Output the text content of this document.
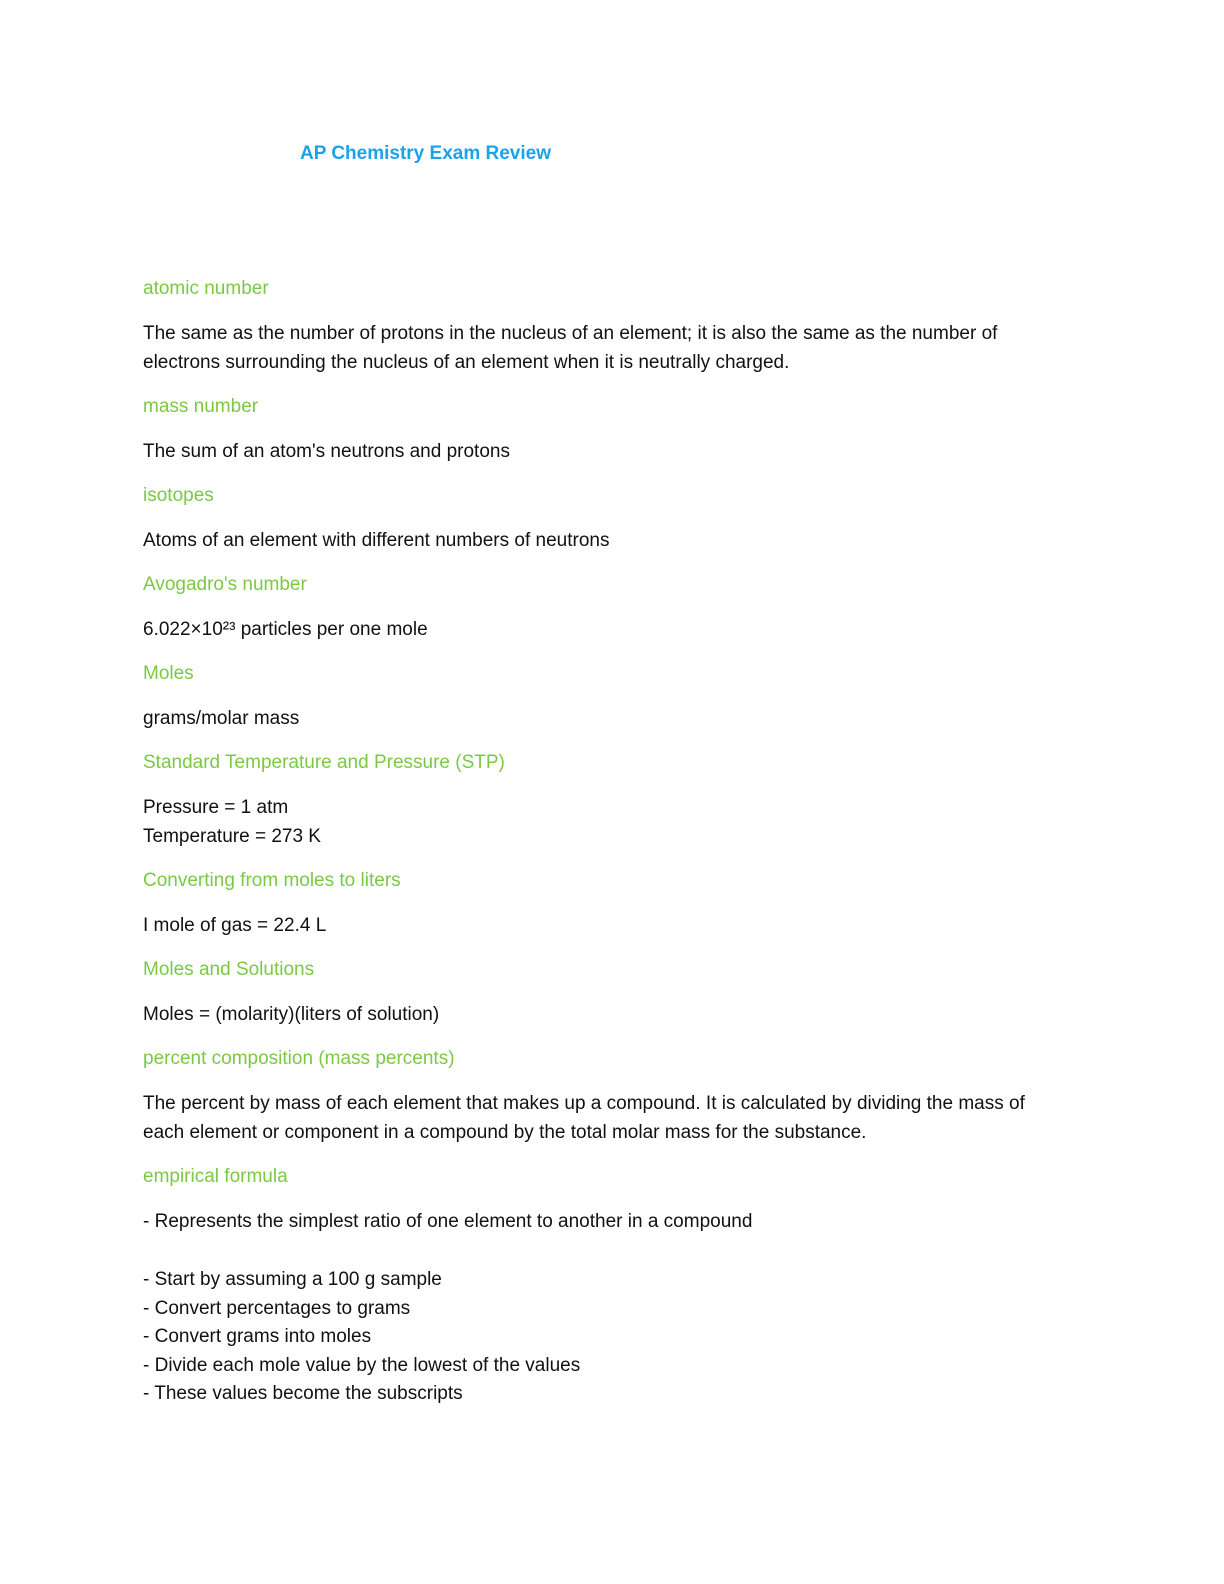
AP Chemistry Exam Review
atomic number
The same as the number of protons in the nucleus of an element; it is also the same as the number of
electrons surrounding the nucleus of an element when it is neutrally charged.
mass number
The sum of an atom's neutrons and protons
isotopes
Atoms of an element with different numbers of neutrons
Avogadro's number
6.022×10²³ particles per one mole
Moles
grams/molar mass
Standard Temperature and Pressure (STP)
Pressure = 1 atm
Temperature = 273 K
Converting from moles to liters
I mole of gas = 22.4 L
Moles and Solutions
Moles = (molarity)(liters of solution)
percent composition (mass percents)
The percent by mass of each element that makes up a compound. It is calculated by dividing the mass of
each element or component in a compound by the total molar mass for the substance.
empirical formula
- Represents the simplest ratio of one element to another in a compound
- Start by assuming a 100 g sample
- Convert percentages to grams
- Convert grams into moles
- Divide each mole value by the lowest of the values
- These values become the subscripts
